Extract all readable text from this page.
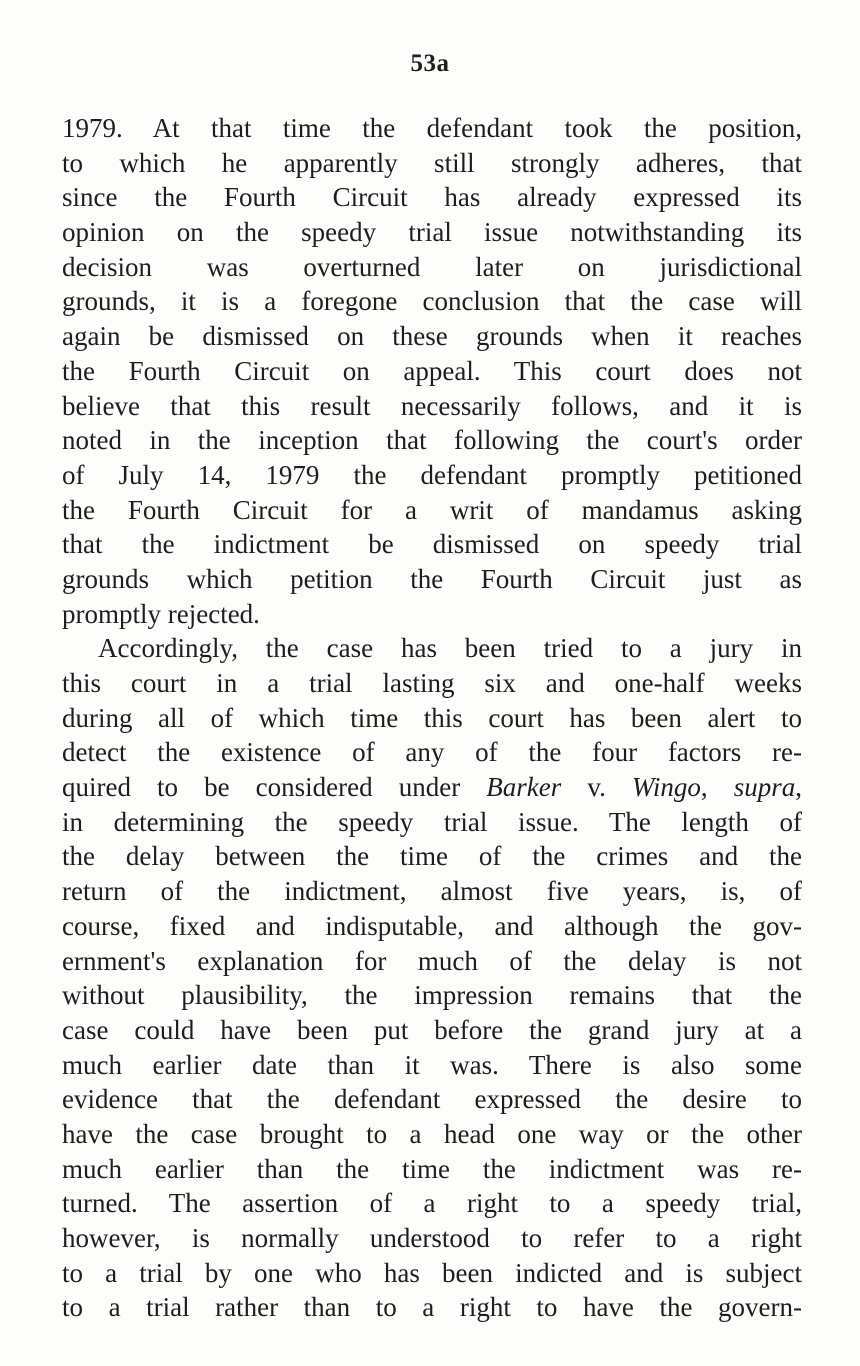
53a
1979. At that time the defendant took the position,
to which he apparently still strongly adheres, that
since the Fourth Circuit has already expressed its
opinion on the speedy trial issue notwithstanding its
decision was overturned later on jurisdictional
grounds, it is a foregone conclusion that the case will
again be dismissed on these grounds when it reaches
the Fourth Circuit on appeal. This court does not
believe that this result necessarily follows, and it is
noted in the inception that following the court's order
of July 14, 1979 the defendant promptly petitioned
the Fourth Circuit for a writ of mandamus asking
that the indictment be dismissed on speedy trial
grounds which petition the Fourth Circuit just as
promptly rejected.
Accordingly, the case has been tried to a jury in
this court in a trial lasting six and one-half weeks
during all of which time this court has been alert to
detect the existence of any of the four factors re-
quired to be considered under Barker v. Wingo, supra,
in determining the speedy trial issue. The length of
the delay between the time of the crimes and the
return of the indictment, almost five years, is, of
course, fixed and indisputable, and although the gov-
ernment's explanation for much of the delay is not
without plausibility, the impression remains that the
case could have been put before the grand jury at a
much earlier date than it was. There is also some
evidence that the defendant expressed the desire to
have the case brought to a head one way or the other
much earlier than the time the indictment was re-
turned. The assertion of a right to a speedy trial,
however, is normally understood to refer to a right
to a trial by one who has been indicted and is subject
to a trial rather than to a right to have the govern-
